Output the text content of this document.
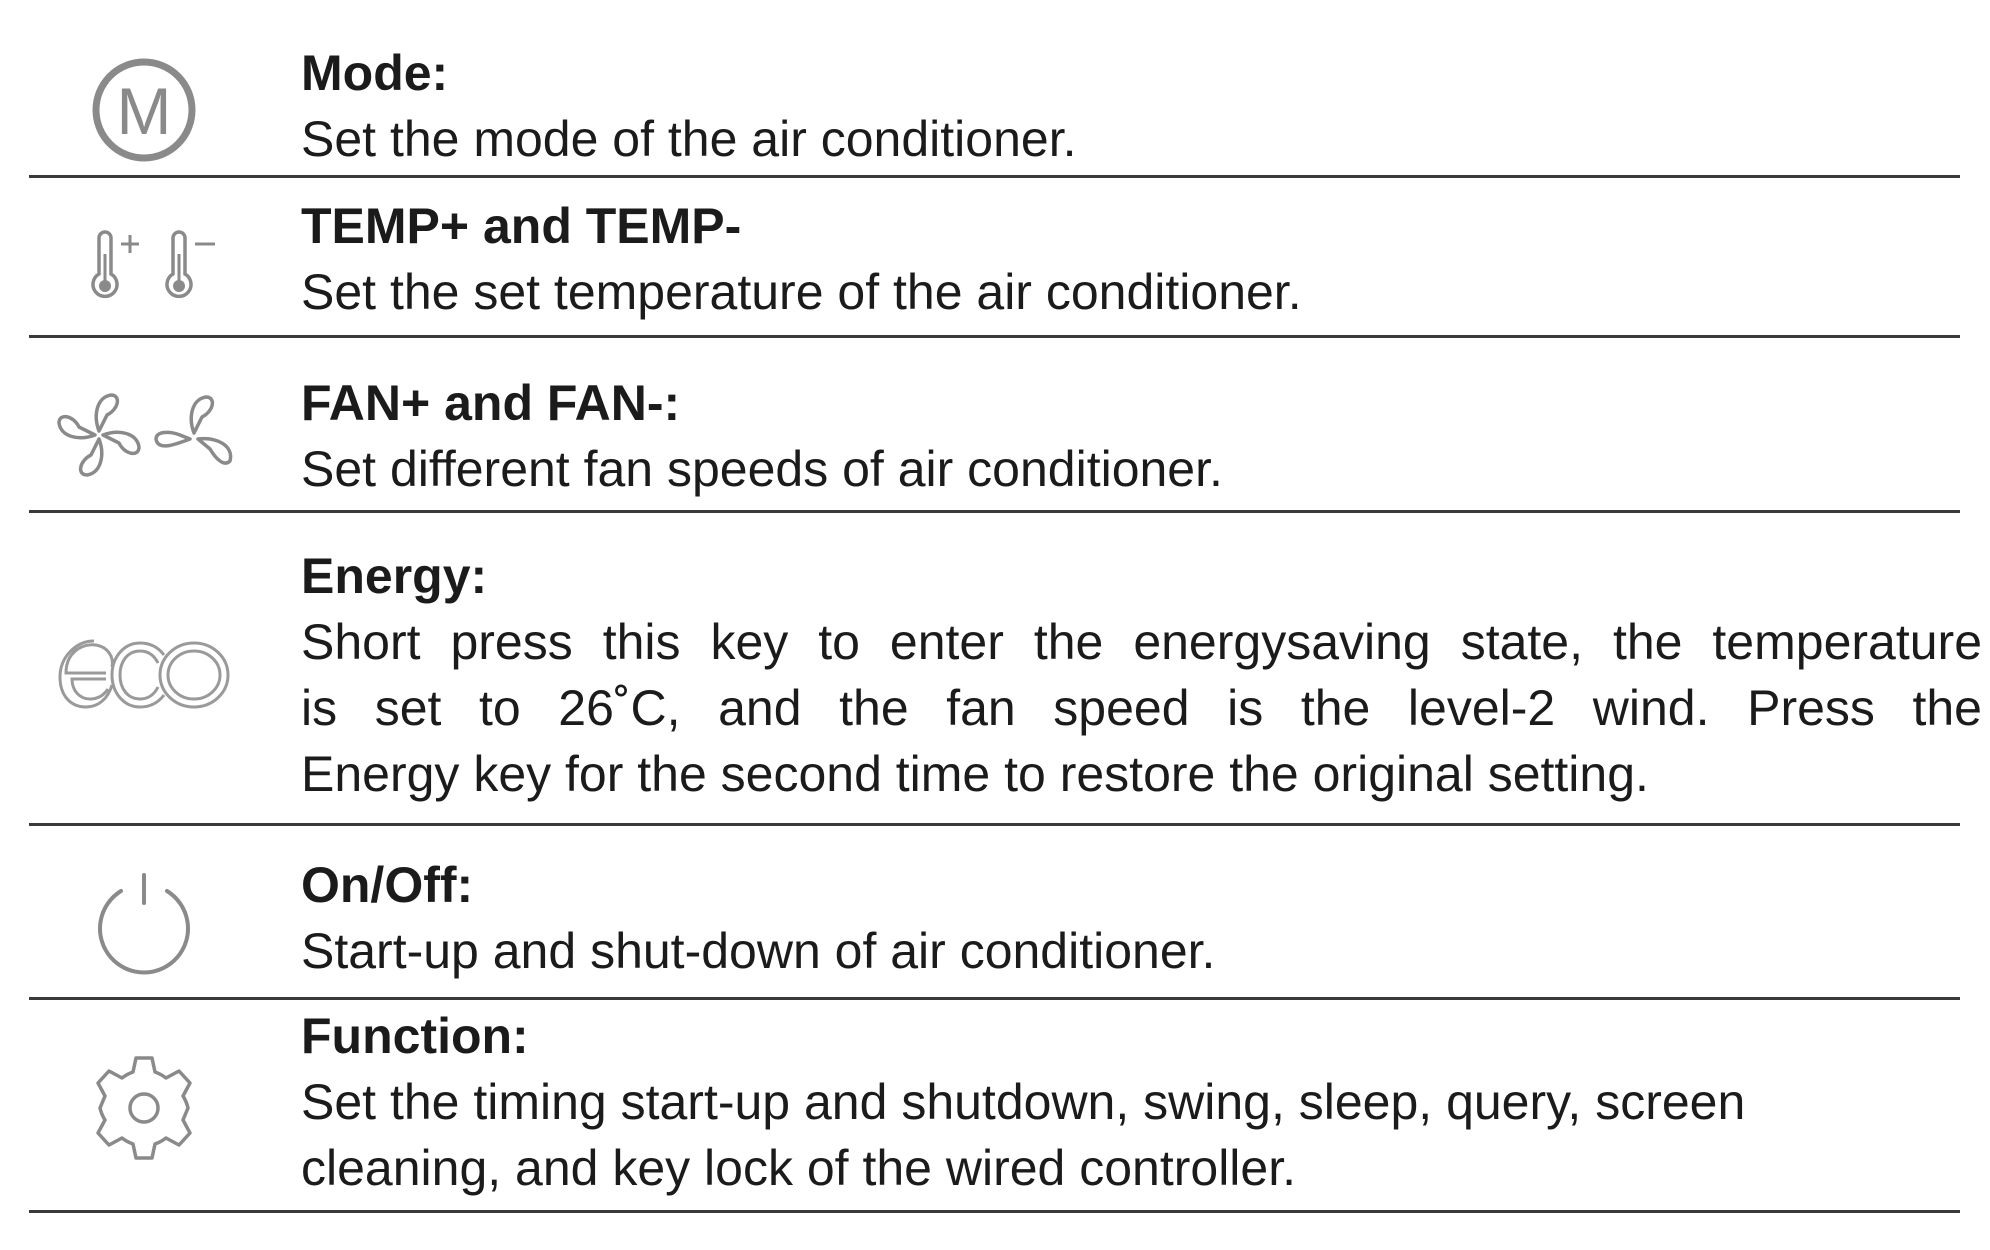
M
Mode:
Set the mode of the air conditioner.
TEMP+ and TEMP-
Set the set temperature of the air conditioner.
FAN+ and FAN-:
Set different fan speeds of air conditioner.
Energy:
Short press this key to enter the energysaving state, the temperature
is set to 26˚C, and the fan speed is the level-2 wind. Press the
Energy key for the second time to restore the original setting.
On/Off:
Start-up and shut-down of air conditioner.
Function:
Set the timing start-up and shutdown, swing, sleep, query, screen
cleaning, and key lock of the wired controller.
